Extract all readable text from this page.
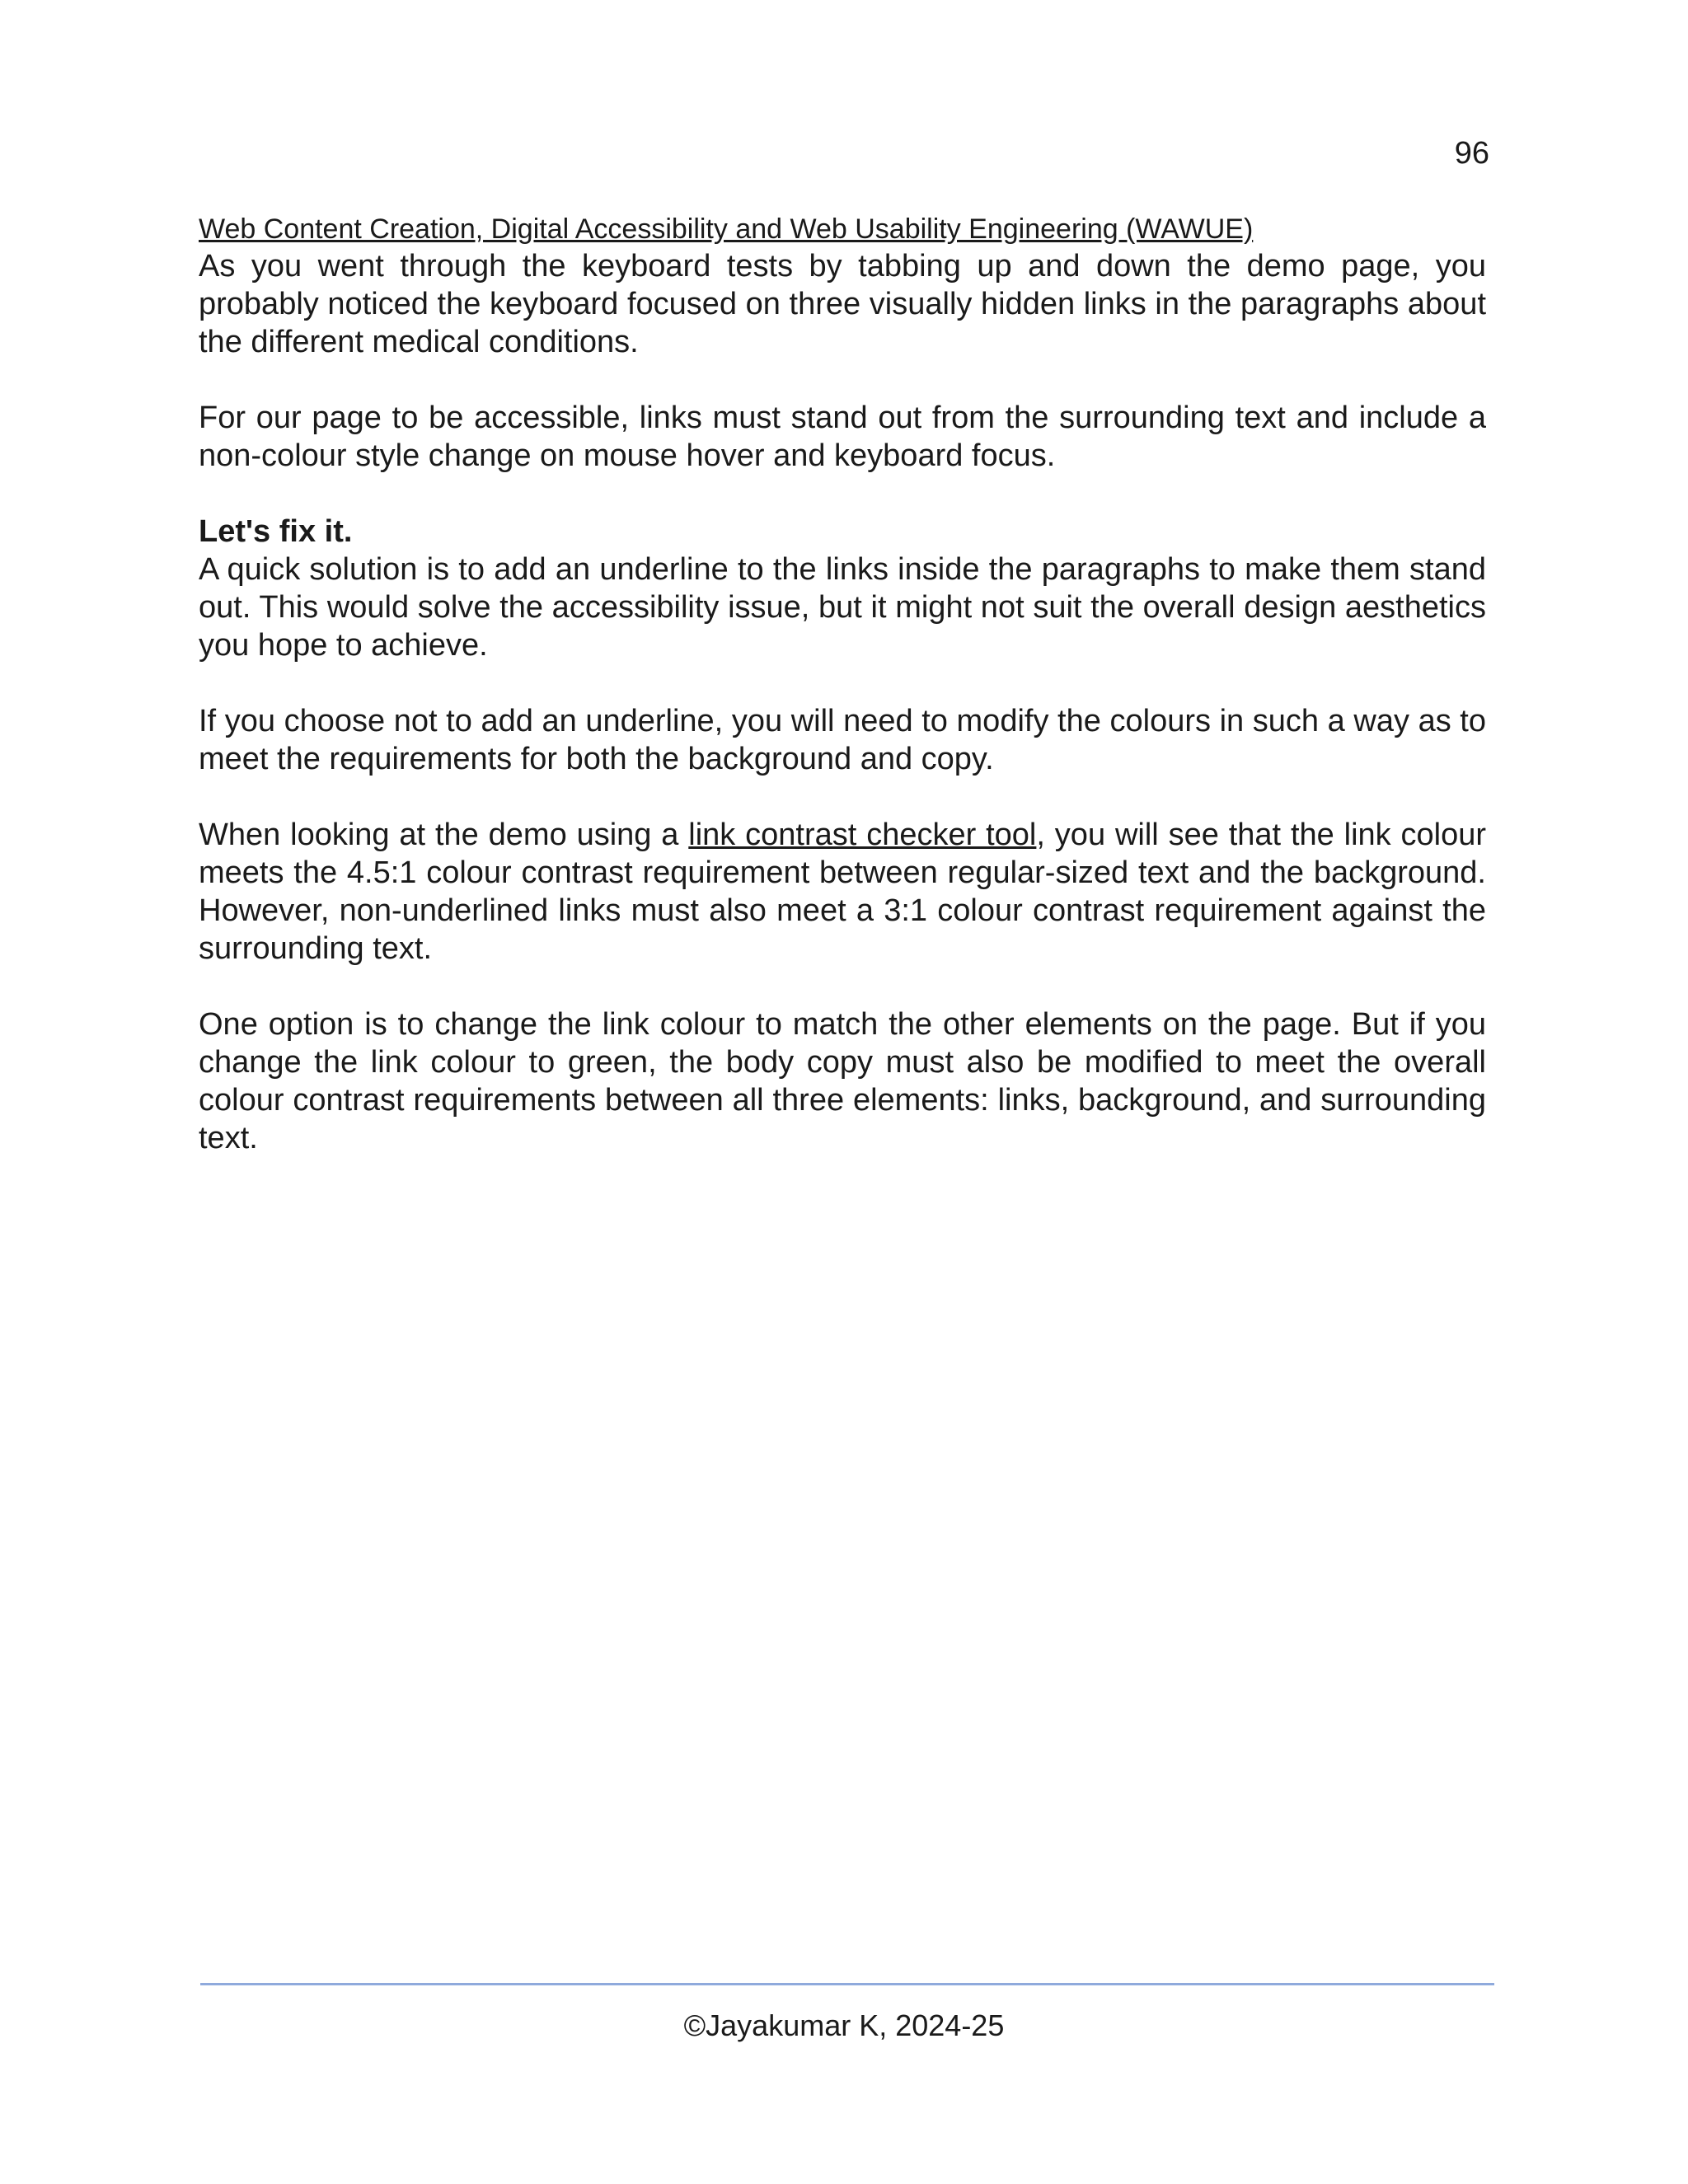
96
Web Content Creation, Digital Accessibility and Web Usability Engineering (WAWUE)

As you went through the keyboard tests by tabbing up and down the demo page, you probably noticed the keyboard focused on three visually hidden links in the paragraphs about the different medical conditions.

For our page to be accessible, links must stand out from the surrounding text and include a non-colour style change on mouse hover and keyboard focus.

Let's fix it.

A quick solution is to add an underline to the links inside the paragraphs to make them stand out. This would solve the accessibility issue, but it might not suit the overall design aesthetics you hope to achieve.

If you choose not to add an underline, you will need to modify the colours in such a way as to meet the requirements for both the background and copy.

When looking at the demo using a link contrast checker tool, you will see that the link colour meets the 4.5:1 colour contrast requirement between regular-sized text and the background. However, non-underlined links must also meet a 3:1 colour contrast requirement against the surrounding text.

One option is to change the link colour to match the other elements on the page. But if you change the link colour to green, the body copy must also be modified to meet the overall colour contrast requirements between all three elements: links, background, and surrounding text.

©Jayakumar K, 2024-25
